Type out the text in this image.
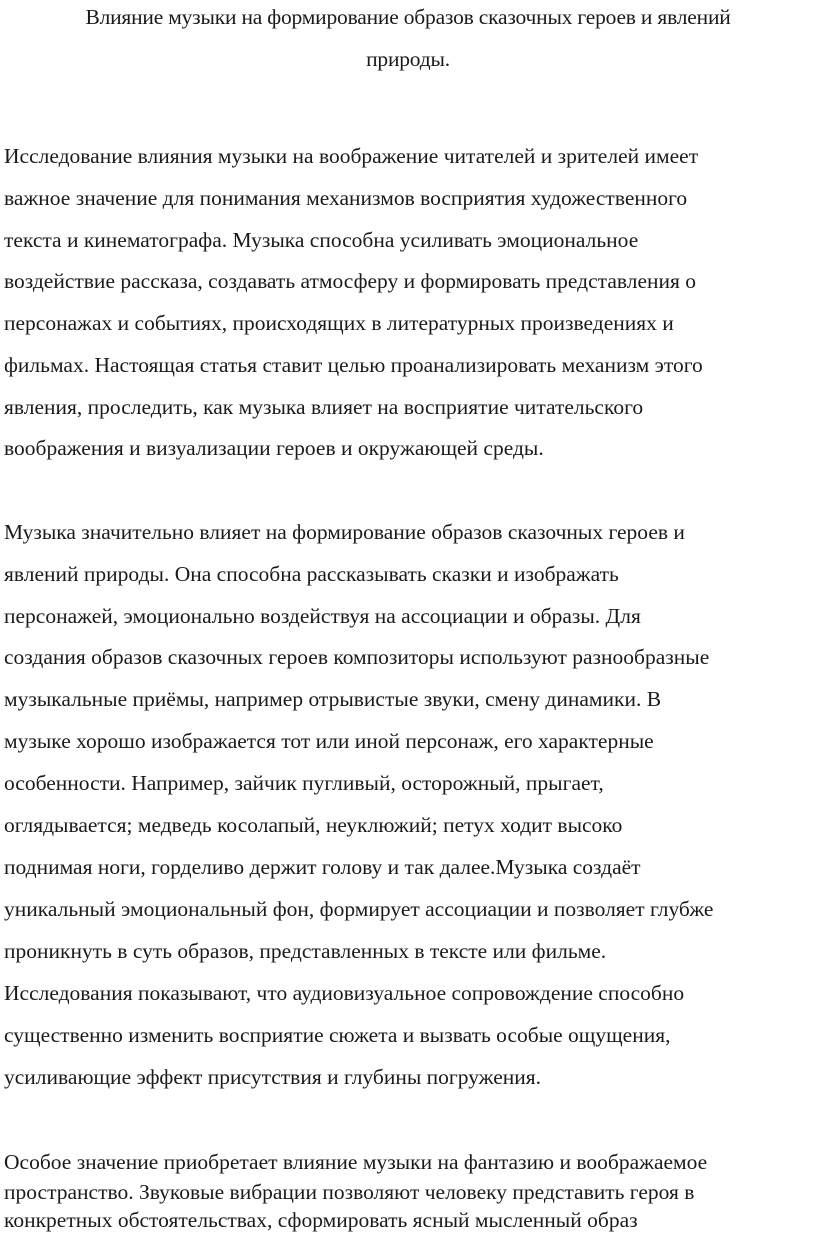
Влияние музыки на формирование образов сказочных героев и явлений
природы.
Исследование влияния музыки на воображение читателей и зрителей имеет
важное значение для понимания механизмов восприятия художественного
текста и кинематографа. Музыка способна усиливать эмоциональное
воздействие рассказа, создавать атмосферу и формировать представления о
персонажах и событиях, происходящих в литературных произведениях и
фильмах. Настоящая статья ставит целью проанализировать механизм этого
явления, проследить, как музыка влияет на восприятие читательского
воображения и визуализации героев и окружающей среды.
Музыка значительно влияет на формирование образов сказочных героев и
явлений природы. Она способна рассказывать сказки и изображать
персонажей, эмоционально воздействуя на ассоциации и образы. Для
создания образов сказочных героев композиторы используют разнообразные
музыкальные приёмы, например отрывистые звуки, смену динамики. В
музыке хорошо изображается тот или иной персонаж, его характерные
особенности. Например, зайчик пугливый, осторожный, прыгает,
оглядывается; медведь косолапый, неуклюжий; петух ходит высоко
поднимая ноги, горделиво держит голову и так далее.Музыка создаёт
уникальный эмоциональный фон, формирует ассоциации и позволяет глубже
проникнуть в суть образов, представленных в тексте или фильме.
Исследования показывают, что аудиовизуальное сопровождение способно
существенно изменить восприятие сюжета и вызвать особые ощущения,
усиливающие эффект присутствия и глубины погружения.
Особое значение приобретает влияние музыки на фантазию и воображаемое
пространство. Звуковые вибрации позволяют человеку представить героя в
конкретных обстоятельствах, сформировать ясный мысленный образ
